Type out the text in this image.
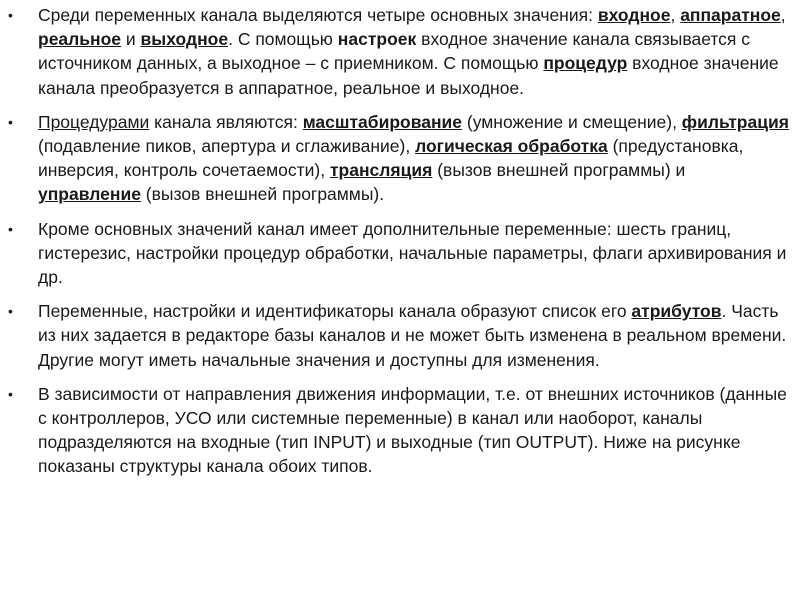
•	Среди переменных канала выделяются четыре основных значения: входное, аппаратное, реальное и выходное. С помощью настроек входное значение канала связывается с источником данных, а выходное – с приемником. С помощью процедур входное значение канала преобразуется в аппаратное, реальное и выходное.
•	Процедурами канала являются: масштабирование (умножение и смещение), фильтрация (подавление пиков, апертура и сглаживание), логическая обработка (предустановка, инверсия, контроль сочетаемости), трансляция (вызов внешней программы) и управление (вызов внешней программы).
•	Кроме основных значений канал имеет дополнительные переменные: шесть границ, гистерезис, настройки процедур обработки, начальные параметры, флаги архивирования и др.
•	Переменные, настройки и идентификаторы канала образуют список его атрибутов. Часть из них задается в редакторе базы каналов и не может быть изменена в реальном времени. Другие могут иметь начальные значения и доступны для изменения.
•	В зависимости от направления движения информации, т.е. от внешних источников (данные с контроллеров, УСО или системные переменные) в канал или наоборот, каналы подразделяются на входные (тип INPUT) и выходные (тип OUTPUT). Ниже на рисунке показаны структуры канала обоих типов.
